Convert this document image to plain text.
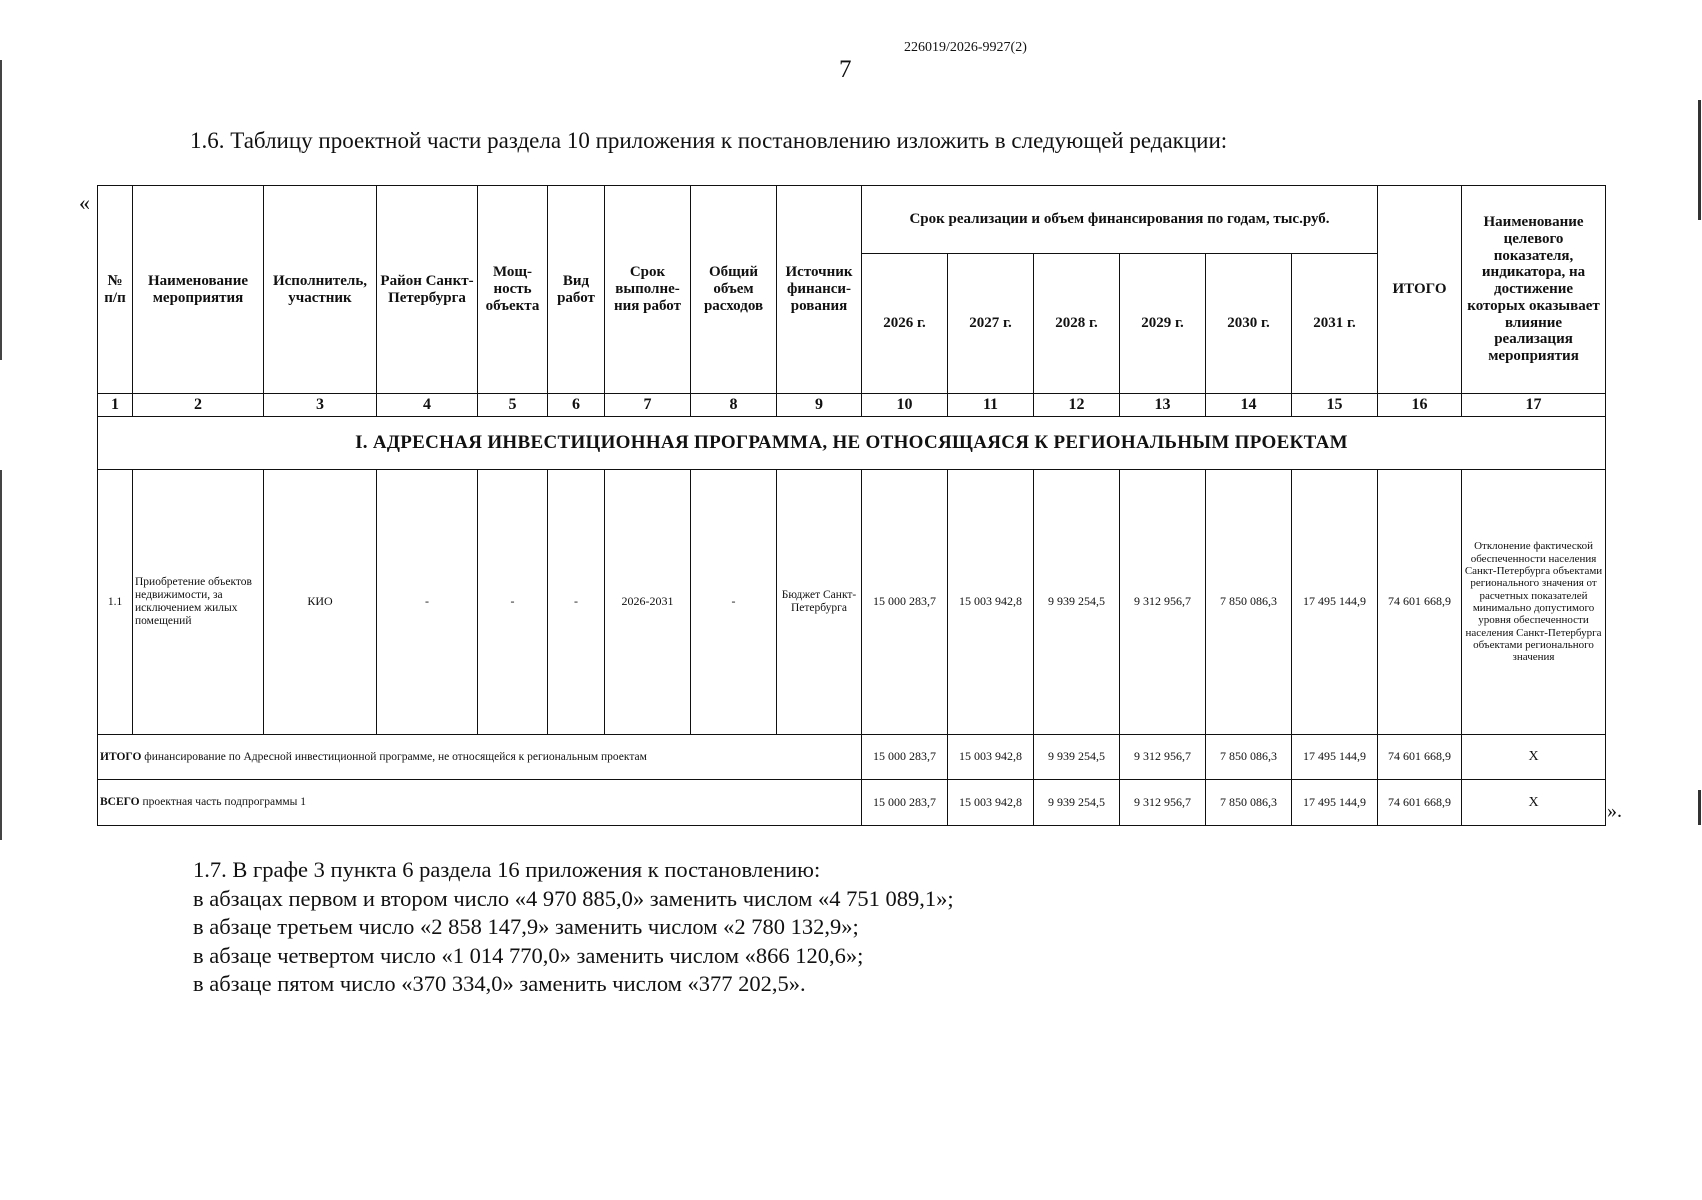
226019/2026-9927(2)
7
1.6. Таблицу проектной части раздела 10 приложения к постановлению изложить в следующей редакции:
«
».
№ п/п	Наименование мероприятия	Исполнитель, участник	Район Санкт-Петербурга	Мощ-ность объекта	Вид работ	Срок выполне-ния работ	Общий объем расходов	Источник финанси-рования	Срок реализации и объем финансирования по годам, тыс.руб.						ИТОГО	Наименование целевого показателя, индикатора, на достижение которых оказывает влияние реализация мероприятия
									2026 г.	2027 г.	2028 г.	2029 г.	2030 г.	2031 г.		
1	2	3	4	5	6	7	8	9	10	11	12	13	14	15	16	17
I. АДРЕСНАЯ ИНВЕСТИЦИОННАЯ ПРОГРАММА, НЕ ОТНОСЯЩАЯСЯ К РЕГИОНАЛЬНЫМ ПРОЕКТАМ																
1.1	Приобретение объектов недвижимости, за исключением жилых помещений	КИО	-	-	-	2026-2031	-	Бюджет Санкт-Петербурга	15 000 283,7	15 003 942,8	9 939 254,5	9 312 956,7	7 850 086,3	17 495 144,9	74 601 668,9	Отклонение фактической обеспеченности населения Санкт-Петербурга объектами регионального значения от расчетных показателей минимально допустимого уровня обеспеченности населения Санкт-Петербурга объектами регионального значения
ИТОГО финансирование по Адресной инвестиционной программе, не относящейся к региональным проектам									15 000 283,7	15 003 942,8	9 939 254,5	9 312 956,7	7 850 086,3	17 495 144,9	74 601 668,9	Х
ВСЕГО проектная часть подпрограммы 1									15 000 283,7	15 003 942,8	9 939 254,5	9 312 956,7	7 850 086,3	17 495 144,9	74 601 668,9	Х
1.7. В графе 3 пункта 6 раздела 16 приложения к постановлению:
в абзацах первом и втором число «4 970 885,0» заменить числом «4 751 089,1»;
в абзаце третьем число «2 858 147,9» заменить числом «2 780 132,9»;
в абзаце четвертом число «1 014 770,0» заменить числом «866 120,6»;
в абзаце пятом число «370 334,0» заменить числом «377 202,5».
